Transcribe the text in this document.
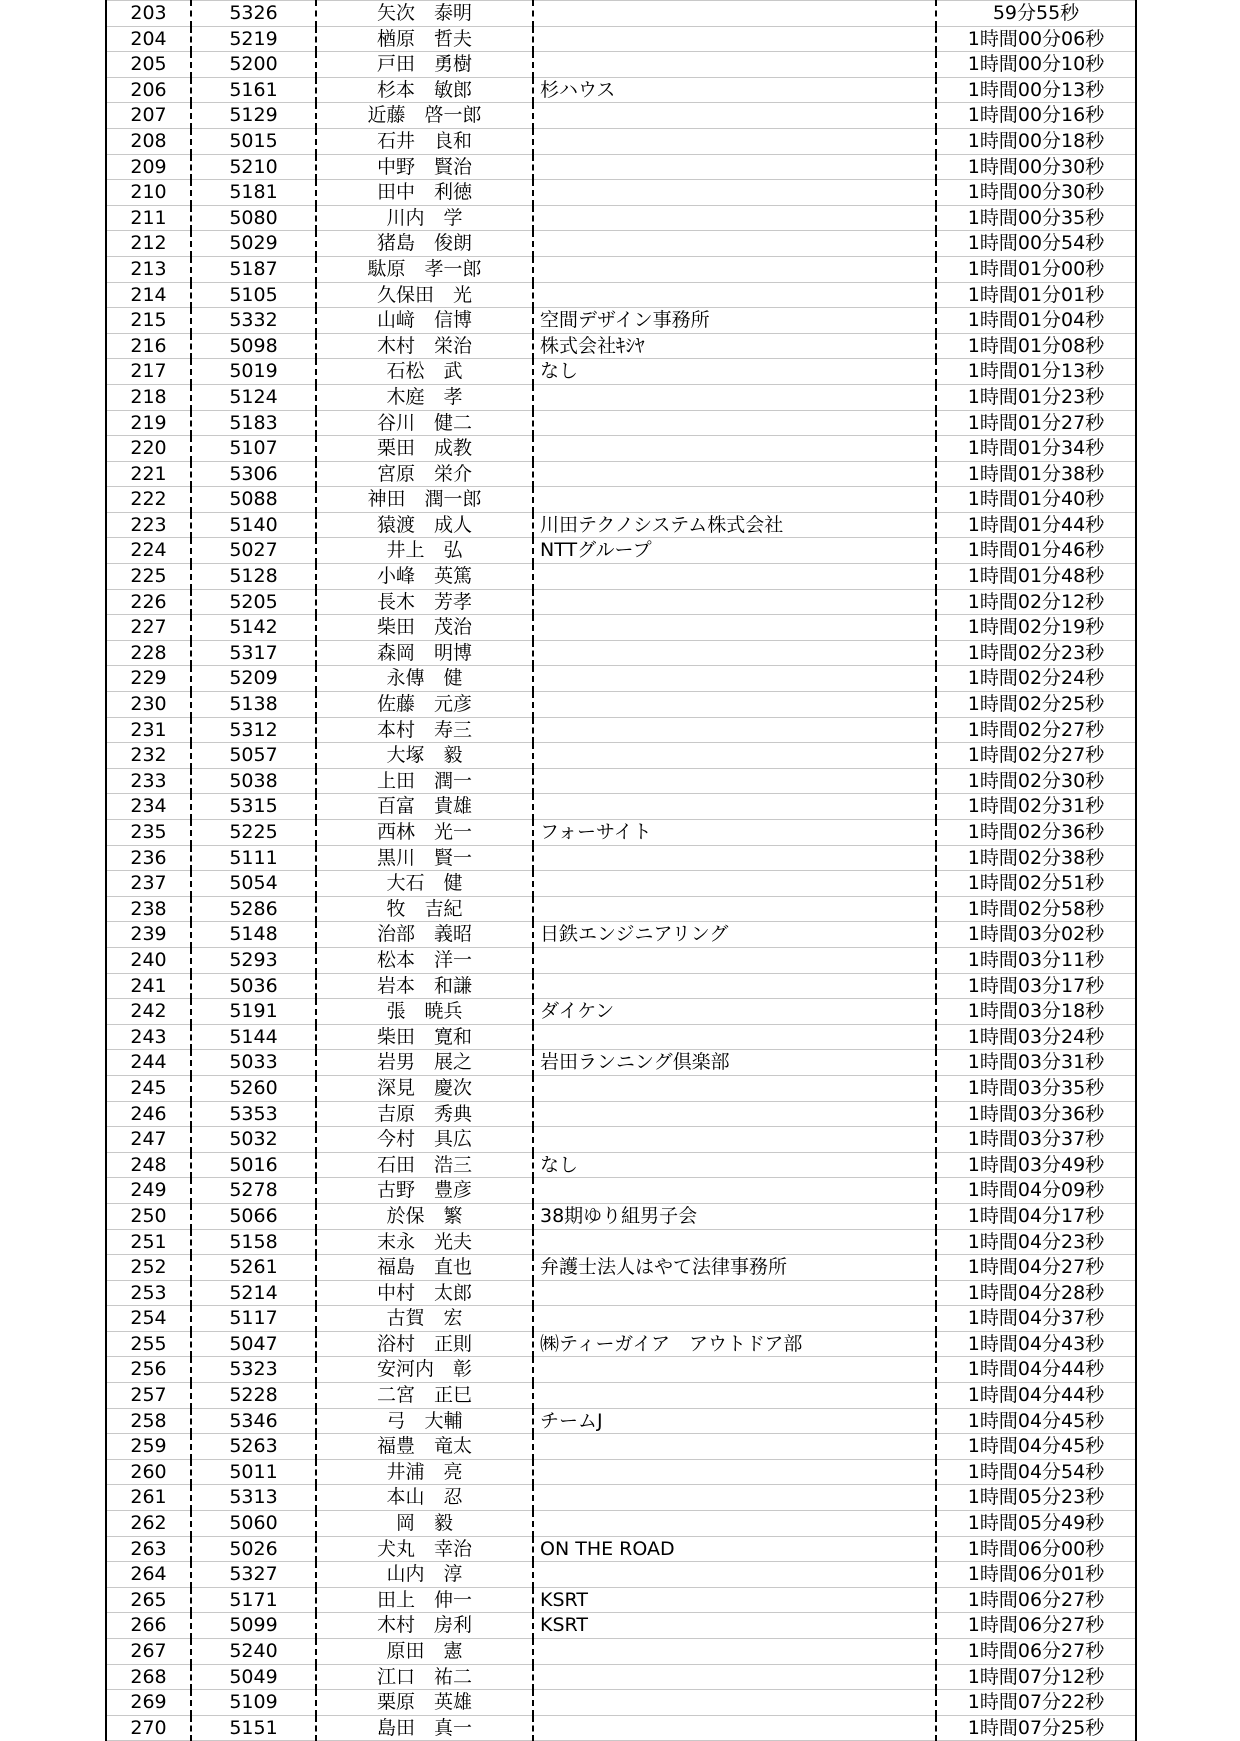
203	5326	矢次　泰明		59分55秒
204	5219	楢原　哲夫		1時間00分06秒
205	5200	戸田　勇樹		1時間00分10秒
206	5161	杉本　敏郎	杉ハウス	1時間00分13秒
207	5129	近藤　啓一郎		1時間00分16秒
208	5015	石井　良和		1時間00分18秒
209	5210	中野　賢治		1時間00分30秒
210	5181	田中　利徳		1時間00分30秒
211	5080	川内　学		1時間00分35秒
212	5029	猪島　俊朗		1時間00分54秒
213	5187	駄原　孝一郎		1時間01分00秒
214	5105	久保田　光		1時間01分01秒
215	5332	山﨑　信博	空間デザイン事務所	1時間01分04秒
216	5098	木村　栄治	株式会社ｷｼﾔ	1時間01分08秒
217	5019	石松　武	なし	1時間01分13秒
218	5124	木庭　孝		1時間01分23秒
219	5183	谷川　健二		1時間01分27秒
220	5107	栗田　成教		1時間01分34秒
221	5306	宮原　栄介		1時間01分38秒
222	5088	神田　潤一郎		1時間01分40秒
223	5140	猿渡　成人	川田テクノシステム株式会社	1時間01分44秒
224	5027	井上　弘	NTTグループ	1時間01分46秒
225	5128	小峰　英篤		1時間01分48秒
226	5205	長木　芳孝		1時間02分12秒
227	5142	柴田　茂治		1時間02分19秒
228	5317	森岡　明博		1時間02分23秒
229	5209	永傳　健		1時間02分24秒
230	5138	佐藤　元彦		1時間02分25秒
231	5312	本村　寿三		1時間02分27秒
232	5057	大塚　毅		1時間02分27秒
233	5038	上田　潤一		1時間02分30秒
234	5315	百富　貴雄		1時間02分31秒
235	5225	西林　光一	フォーサイト	1時間02分36秒
236	5111	黒川　賢一		1時間02分38秒
237	5054	大石　健		1時間02分51秒
238	5286	牧　吉紀		1時間02分58秒
239	5148	治部　義昭	日鉄エンジニアリング	1時間03分02秒
240	5293	松本　洋一		1時間03分11秒
241	5036	岩本　和謙		1時間03分17秒
242	5191	張　暁兵	ダイケン	1時間03分18秒
243	5144	柴田　寛和		1時間03分24秒
244	5033	岩男　展之	岩田ランニング倶楽部	1時間03分31秒
245	5260	深見　慶次		1時間03分35秒
246	5353	吉原　秀典		1時間03分36秒
247	5032	今村　具広		1時間03分37秒
248	5016	石田　浩三	なし	1時間03分49秒
249	5278	古野　豊彦		1時間04分09秒
250	5066	於保　繁	38期ゆり組男子会	1時間04分17秒
251	5158	末永　光夫		1時間04分23秒
252	5261	福島　直也	弁護士法人はやて法律事務所	1時間04分27秒
253	5214	中村　太郎		1時間04分28秒
254	5117	古賀　宏		1時間04分37秒
255	5047	浴村　正則	㈱ティーガイア　アウトドア部	1時間04分43秒
256	5323	安河内　彰		1時間04分44秒
257	5228	二宮　正巳		1時間04分44秒
258	5346	弓　大輔	チームJ	1時間04分45秒
259	5263	福豊　竜太		1時間04分45秒
260	5011	井浦　亮		1時間04分54秒
261	5313	本山　忍		1時間05分23秒
262	5060	岡　毅		1時間05分49秒
263	5026	犬丸　幸治	ON THE ROAD	1時間06分00秒
264	5327	山内　淳		1時間06分01秒
265	5171	田上　伸一	KSRT	1時間06分27秒
266	5099	木村　房利	KSRT	1時間06分27秒
267	5240	原田　憲		1時間06分27秒
268	5049	江口　祐二		1時間07分12秒
269	5109	栗原　英雄		1時間07分22秒
270	5151	島田　真一		1時間07分25秒
